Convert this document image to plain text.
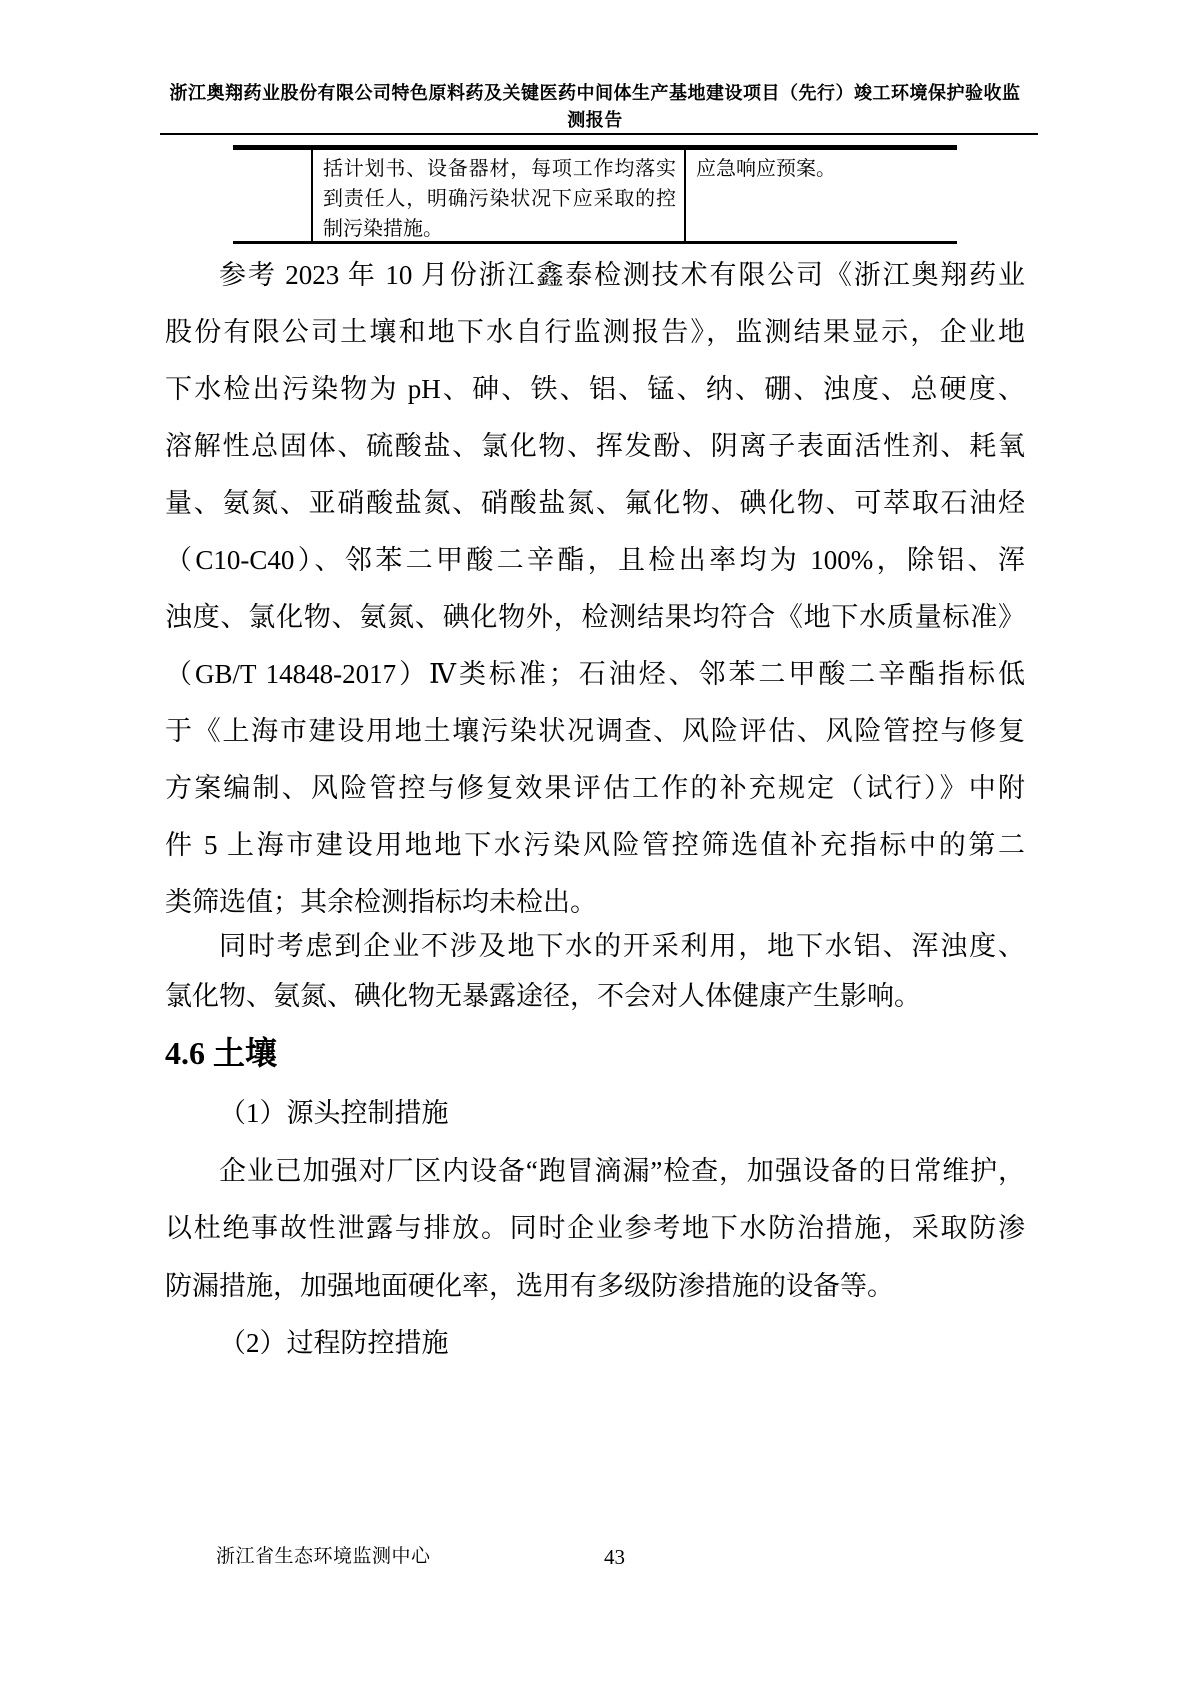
浙江奥翔药业股份有限公司特色原料药及关键医药中间体生产基地建设项目（先行）竣工环境保护验收监
测报告
括计划书、设备器材，每项工作均落实
到责任人，明确污染状况下应采取的控
制污染措施。
应急响应预案。
参考 2023 年 10 月份浙江鑫泰检测技术有限公司《浙江奥翔药业
股份有限公司土壤和地下水自行监测报告》，监测结果显示，企业地
下水检出污染物为 pH、砷、铁、铝、锰、纳、硼、浊度、总硬度、
溶解性总固体、硫酸盐、氯化物、挥发酚、阴离子表面活性剂、耗氧
量、氨氮、亚硝酸盐氮、硝酸盐氮、氟化物、碘化物、可萃取石油烃
（C10-C40）、邻苯二甲酸二辛酯，且检出率均为 100%，除铝、浑
浊度、氯化物、氨氮、碘化物外，检测结果均符合《地下水质量标准》
（GB/T 14848-2017）Ⅳ类标准；石油烃、邻苯二甲酸二辛酯指标低
于《上海市建设用地土壤污染状况调查、风险评估、风险管控与修复
方案编制、风险管控与修复效果评估工作的补充规定（试行）》中附
件 5 上海市建设用地地下水污染风险管控筛选值补充指标中的第二
类筛选值；其余检测指标均未检出。
同时考虑到企业不涉及地下水的开采利用，地下水铝、浑浊度、
氯化物、氨氮、碘化物无暴露途径，不会对人体健康产生影响。
4.6 土壤
（1）源头控制措施
企业已加强对厂区内设备“跑冒滴漏”检查，加强设备的日常维护，
以杜绝事故性泄露与排放。同时企业参考地下水防治措施，采取防渗
防漏措施，加强地面硬化率，选用有多级防渗措施的设备等。
（2）过程防控措施
浙江省生态环境监测中心	43
